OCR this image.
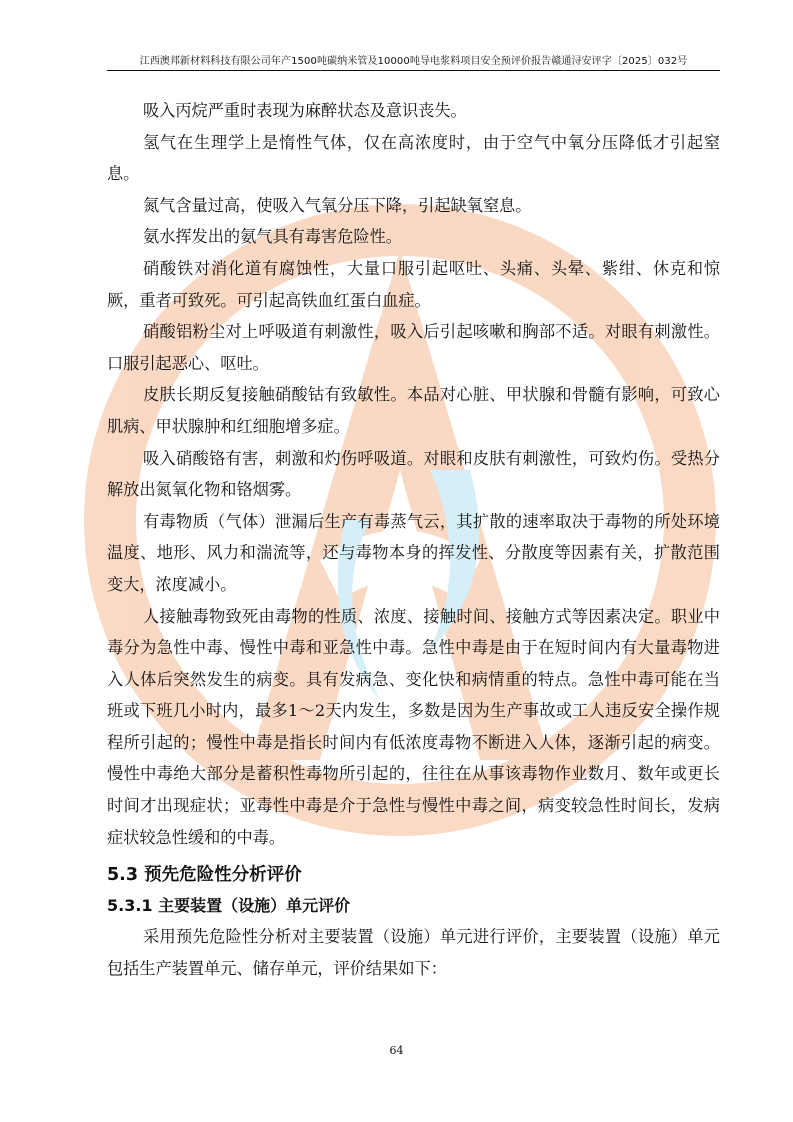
江西澳邦新材料科技有限公司年产1500吨碳纳米管及10000吨导电浆料项目安全预评价报告赣通浔安评字〔2025〕032号

吸入丙烷严重时表现为麻醉状态及意识丧失。

氢气在生理学上是惰性气体，仅在高浓度时，由于空气中氧分压降低才引起窒息。

氮气含量过高，使吸入气氧分压下降，引起缺氧窒息。

氨水挥发出的氨气具有毒害危险性。

硝酸铁对消化道有腐蚀性，大量口服引起呕吐、头痛、头晕、紫绀、休克和惊厥，重者可致死。可引起高铁血红蛋白血症。

硝酸铝粉尘对上呼吸道有刺激性，吸入后引起咳嗽和胸部不适。对眼有刺激性。口服引起恶心、呕吐。

皮肤长期反复接触硝酸钴有致敏性。本品对心脏、甲状腺和骨髓有影响，可致心肌病、甲状腺肿和红细胞增多症。

吸入硝酸铬有害，刺激和灼伤呼吸道。对眼和皮肤有刺激性，可致灼伤。受热分解放出氮氧化物和铬烟雾。

有毒物质（气体）泄漏后生产有毒蒸气云，其扩散的速率取决于毒物的所处环境温度、地形、风力和湍流等，还与毒物本身的挥发性、分散度等因素有关，扩散范围变大，浓度减小。

人接触毒物致死由毒物的性质、浓度、接触时间、接触方式等因素决定。职业中毒分为急性中毒、慢性中毒和亚急性中毒。急性中毒是由于在短时间内有大量毒物进入人体后突然发生的病变。具有发病急、变化快和病情重的特点。急性中毒可能在当班或下班几小时内，最多1～2天内发生，多数是因为生产事故或工人违反安全操作规程所引起的；慢性中毒是指长时间内有低浓度毒物不断进入人体，逐渐引起的病变。慢性中毒绝大部分是蓄积性毒物所引起的，往往在从事该毒物作业数月、数年或更长时间才出现症状；亚毒性中毒是介于急性与慢性中毒之间，病变较急性时间长，发病症状较急性缓和的中毒。

5.3 预先危险性分析评价
5.3.1 主要装置（设施）单元评价

采用预先危险性分析对主要装置（设施）单元进行评价，主要装置（设施）单元包括生产装置单元、储存单元，评价结果如下：

64
